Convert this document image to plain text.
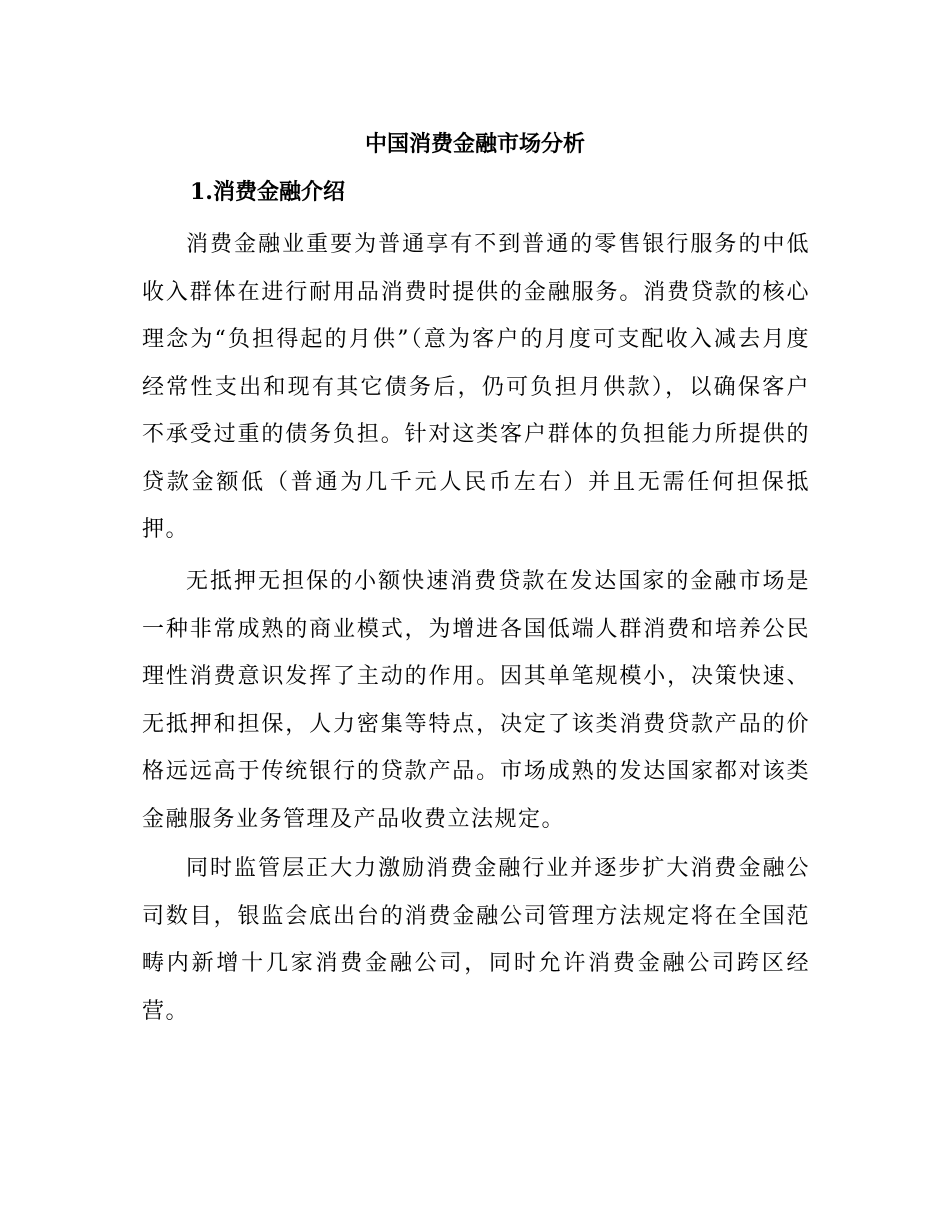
中国消费金融市场分析
1.消费金融介绍

消费金融业重要为普通享有不到普通的零售银行服务的中低收入群体在进行耐用品消费时提供的金融服务。消费贷款的核心理念为“负担得起的月供”（意为客户的月度可支配收入减去月度经常性支出和现有其它债务后，仍可负担月供款），以确保客户不承受过重的债务负担。针对这类客户群体的负担能力所提供的贷款金额低（普通为几千元人民币左右）并且无需任何担保抵押。

无抵押无担保的小额快速消费贷款在发达国家的金融市场是一种非常成熟的商业模式，为增进各国低端人群消费和培养公民理性消费意识发挥了主动的作用。因其单笔规模小，决策快速、无抵押和担保，人力密集等特点，决定了该类消费贷款产品的价格远远高于传统银行的贷款产品。市场成熟的发达国家都对该类金融服务业务管理及产品收费立法规定。

同时监管层正大力激励消费金融行业并逐步扩大消费金融公司数目，银监会底出台的消费金融公司管理方法规定将在全国范畴内新增十几家消费金融公司，同时允许消费金融公司跨区经营。
